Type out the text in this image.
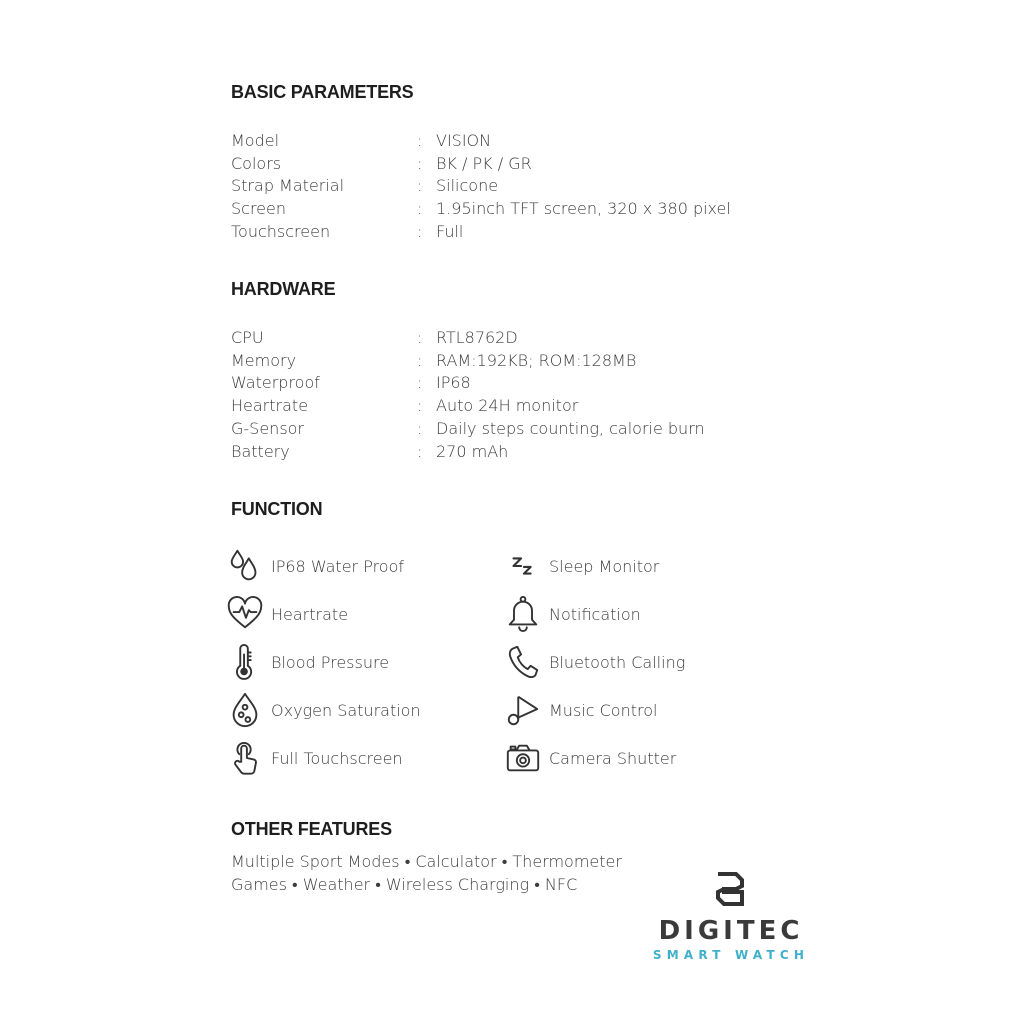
BASIC PARAMETERS
Model	: VISION
Colors	: BK / PK / GR
Strap Material	: Silicone
Screen	: 1.95inch TFT screen, 320 x 380 pixel
Touchscreen	: Full
HARDWARE
CPU	: RTL8762D
Memory	: RAM:192KB; ROM:128MB
Waterproof	: IP68
Heartrate	: Auto 24H monitor
G-Sensor	: Daily steps counting, calorie burn
Battery	: 270 mAh
FUNCTION
IP68 Water Proof
Heartrate
Blood Pressure
Oxygen Saturation
Full Touchscreen
Sleep Monitor
Notification
Bluetooth Calling
Music Control
Camera Shutter
OTHER FEATURES
Multiple Sport Modes • Calculator • Thermometer
Games • Weather • Wireless Charging • NFC
DIGITEC
SMART WATCH
